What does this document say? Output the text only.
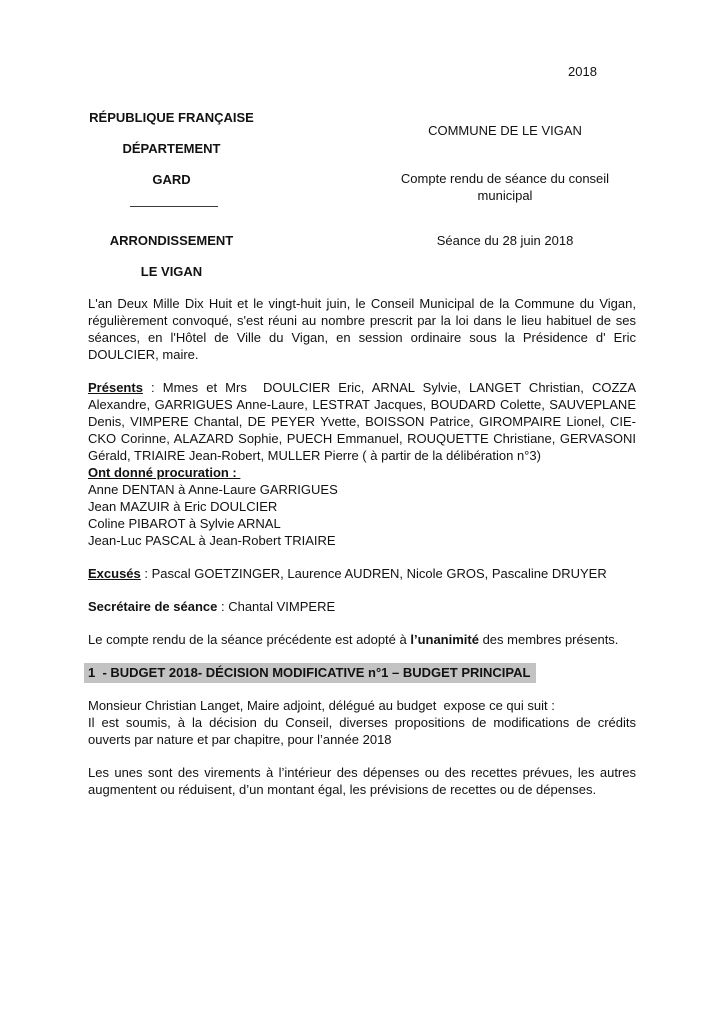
2018
RÉPUBLIQUE FRANÇAISE
DÉPARTEMENT
GARD
ARRONDISSEMENT
LE VIGAN
COMMUNE DE LE VIGAN
Compte rendu de séance du conseil municipal
Séance du 28 juin 2018

L'an Deux Mille Dix Huit et le vingt-huit juin, le Conseil Municipal de la Commune du Vigan, régulièrement convoqué, s'est réuni au nombre prescrit par la loi dans le lieu habituel de ses séances, en l'Hôtel de Ville du Vigan, en session ordinaire sous la Présidence d' Eric DOULCIER, maire.

Présents : Mmes et Mrs  DOULCIER Eric, ARNAL Sylvie, LANGET Christian, COZZA Alexandre, GARRIGUES Anne-Laure, LESTRAT Jacques, BOUDARD Colette, SAUVEPLANE Denis, VIMPERE Chantal, DE PEYER Yvette, BOISSON Patrice, GIROMPAIRE Lionel, CIE-CKO Corinne, ALAZARD Sophie, PUECH Emmanuel, ROUQUETTE Christiane, GERVASONI Gérald, TRIAIRE Jean-Robert, MULLER Pierre ( à partir de la délibération n°3)
Ont donné procuration :
Anne DENTAN à Anne-Laure GARRIGUES
Jean MAZUIR à Eric DOULCIER
Coline PIBAROT à Sylvie ARNAL
Jean-Luc PASCAL à Jean-Robert TRIAIRE
Excusés : Pascal GOETZINGER, Laurence AUDREN, Nicole GROS, Pascaline DRUYER
Secrétaire de séance : Chantal VIMPERE
Le compte rendu de la séance précédente est adopté à l’unanimité des membres présents.
1  - BUDGET 2018- DÉCISION MODIFICATIVE n°1 – BUDGET PRINCIPAL
Monsieur Christian Langet, Maire adjoint, délégué au budget  expose ce qui suit :

Il est soumis, à la décision du Conseil, diverses propositions de modifications de crédits ouverts par nature et par chapitre, pour l’année 2018

Les unes sont des virements à l’intérieur des dépenses ou des recettes prévues, les autres augmentent ou réduisent, d’un montant égal, les prévisions de recettes ou de dépenses.
